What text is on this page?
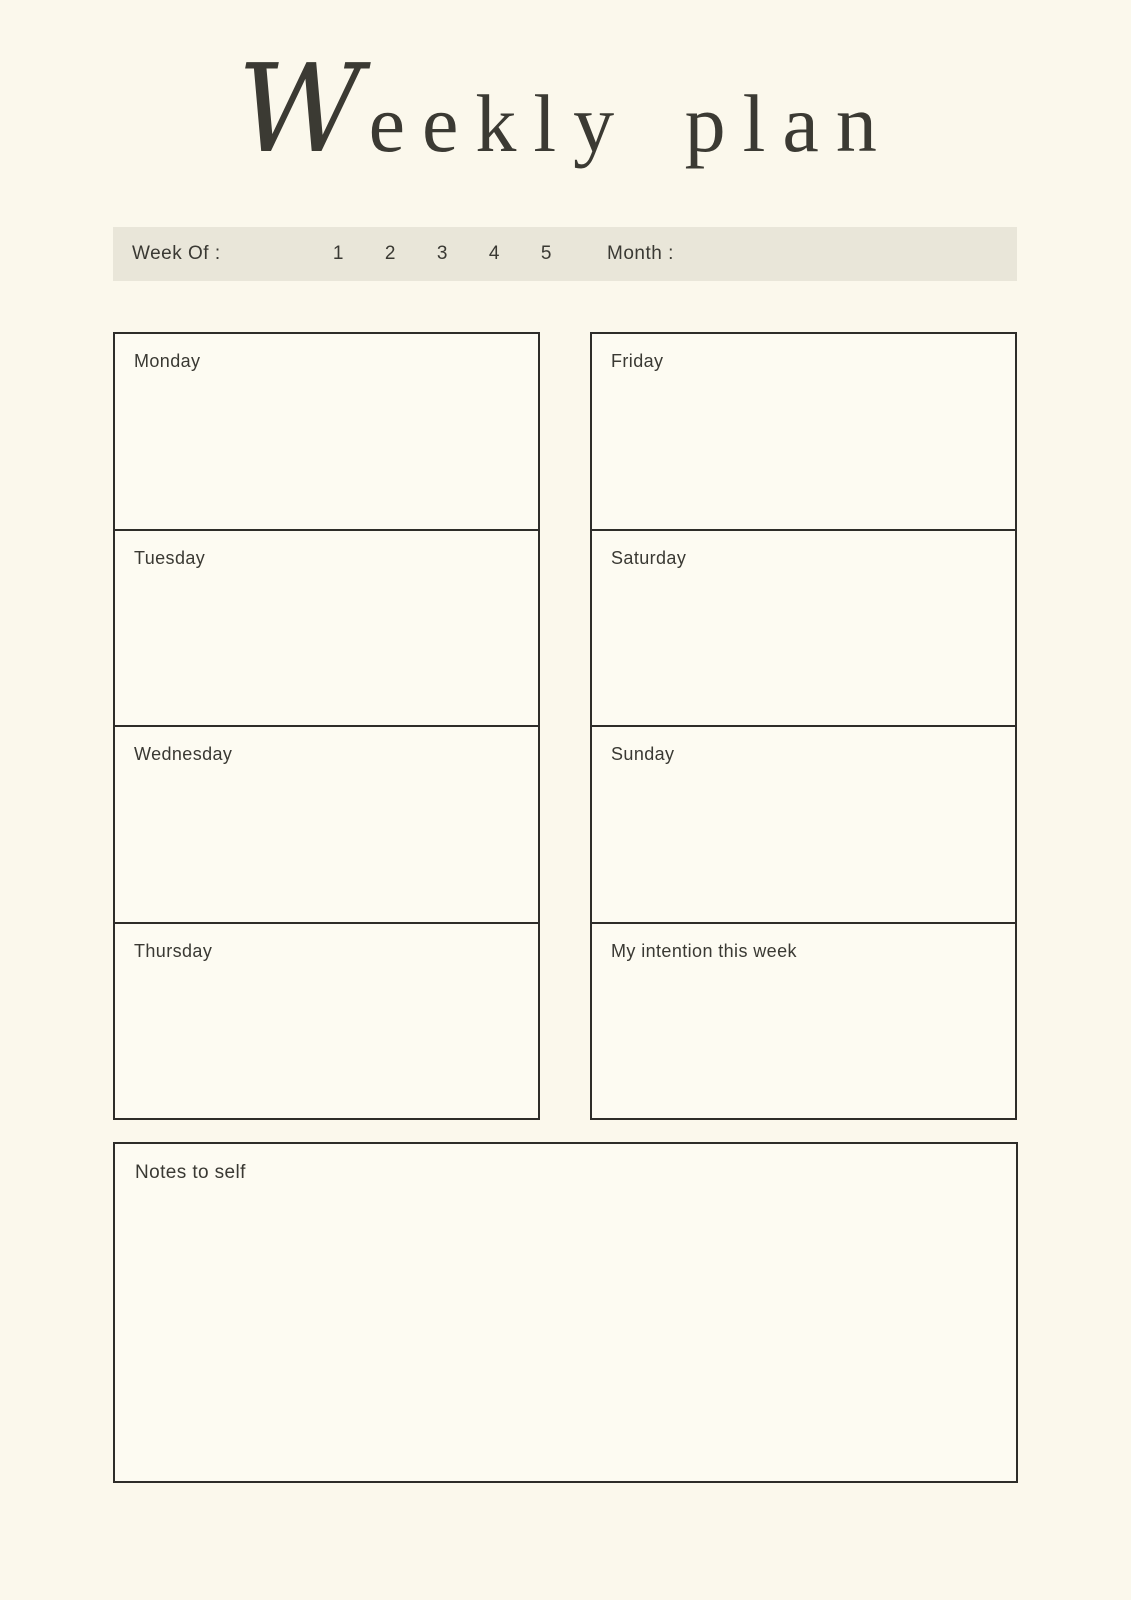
Weekly plan
Week Of :	1 2 3 4 5	Month :
Monday
Tuesday
Wednesday
Thursday
Friday
Saturday
Sunday
My intention this week
Notes to self
